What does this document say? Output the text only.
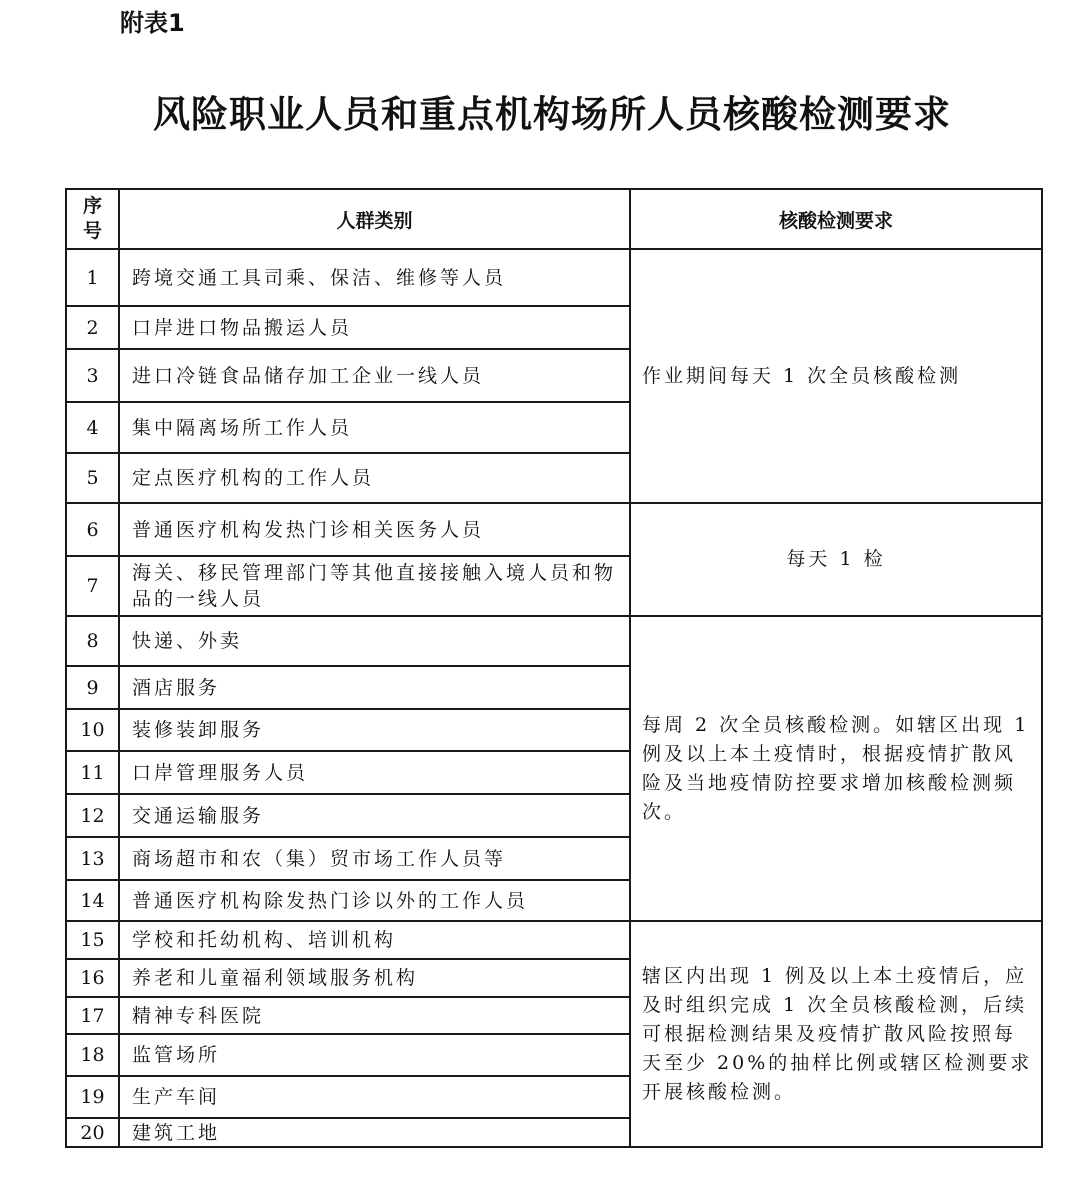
附表1
风险职业人员和重点机构场所人员核酸检测要求
序号	人群类别	核酸检测要求
1	跨境交通工具司乘、保洁、维修等人员	作业期间每天 1 次全员核酸检测
2	口岸进口物品搬运人员	
3	进口冷链食品储存加工企业一线人员	
4	集中隔离场所工作人员	
5	定点医疗机构的工作人员	
6	普通医疗机构发热门诊相关医务人员	每天 1 检
7	海关、移民管理部门等其他直接接触入境人员和物品的一线人员	
8	快递、外卖	每周 2 次全员核酸检测。如辖区出现 1 例及以上本土疫情时，根据疫情扩散风险及当地疫情防控要求增加核酸检测频次。
9	酒店服务	
10	装修装卸服务	
11	口岸管理服务人员	
12	交通运输服务	
13	商场超市和农（集）贸市场工作人员等	
14	普通医疗机构除发热门诊以外的工作人员	
15	学校和托幼机构、培训机构	辖区内出现 1 例及以上本土疫情后，应及时组织完成 1 次全员核酸检测，后续可根据检测结果及疫情扩散风险按照每天至少 20%的抽样比例或辖区检测要求开展核酸检测。
16	养老和儿童福利领域服务机构	
17	精神专科医院	
18	监管场所	
19	生产车间	
20	建筑工地	
